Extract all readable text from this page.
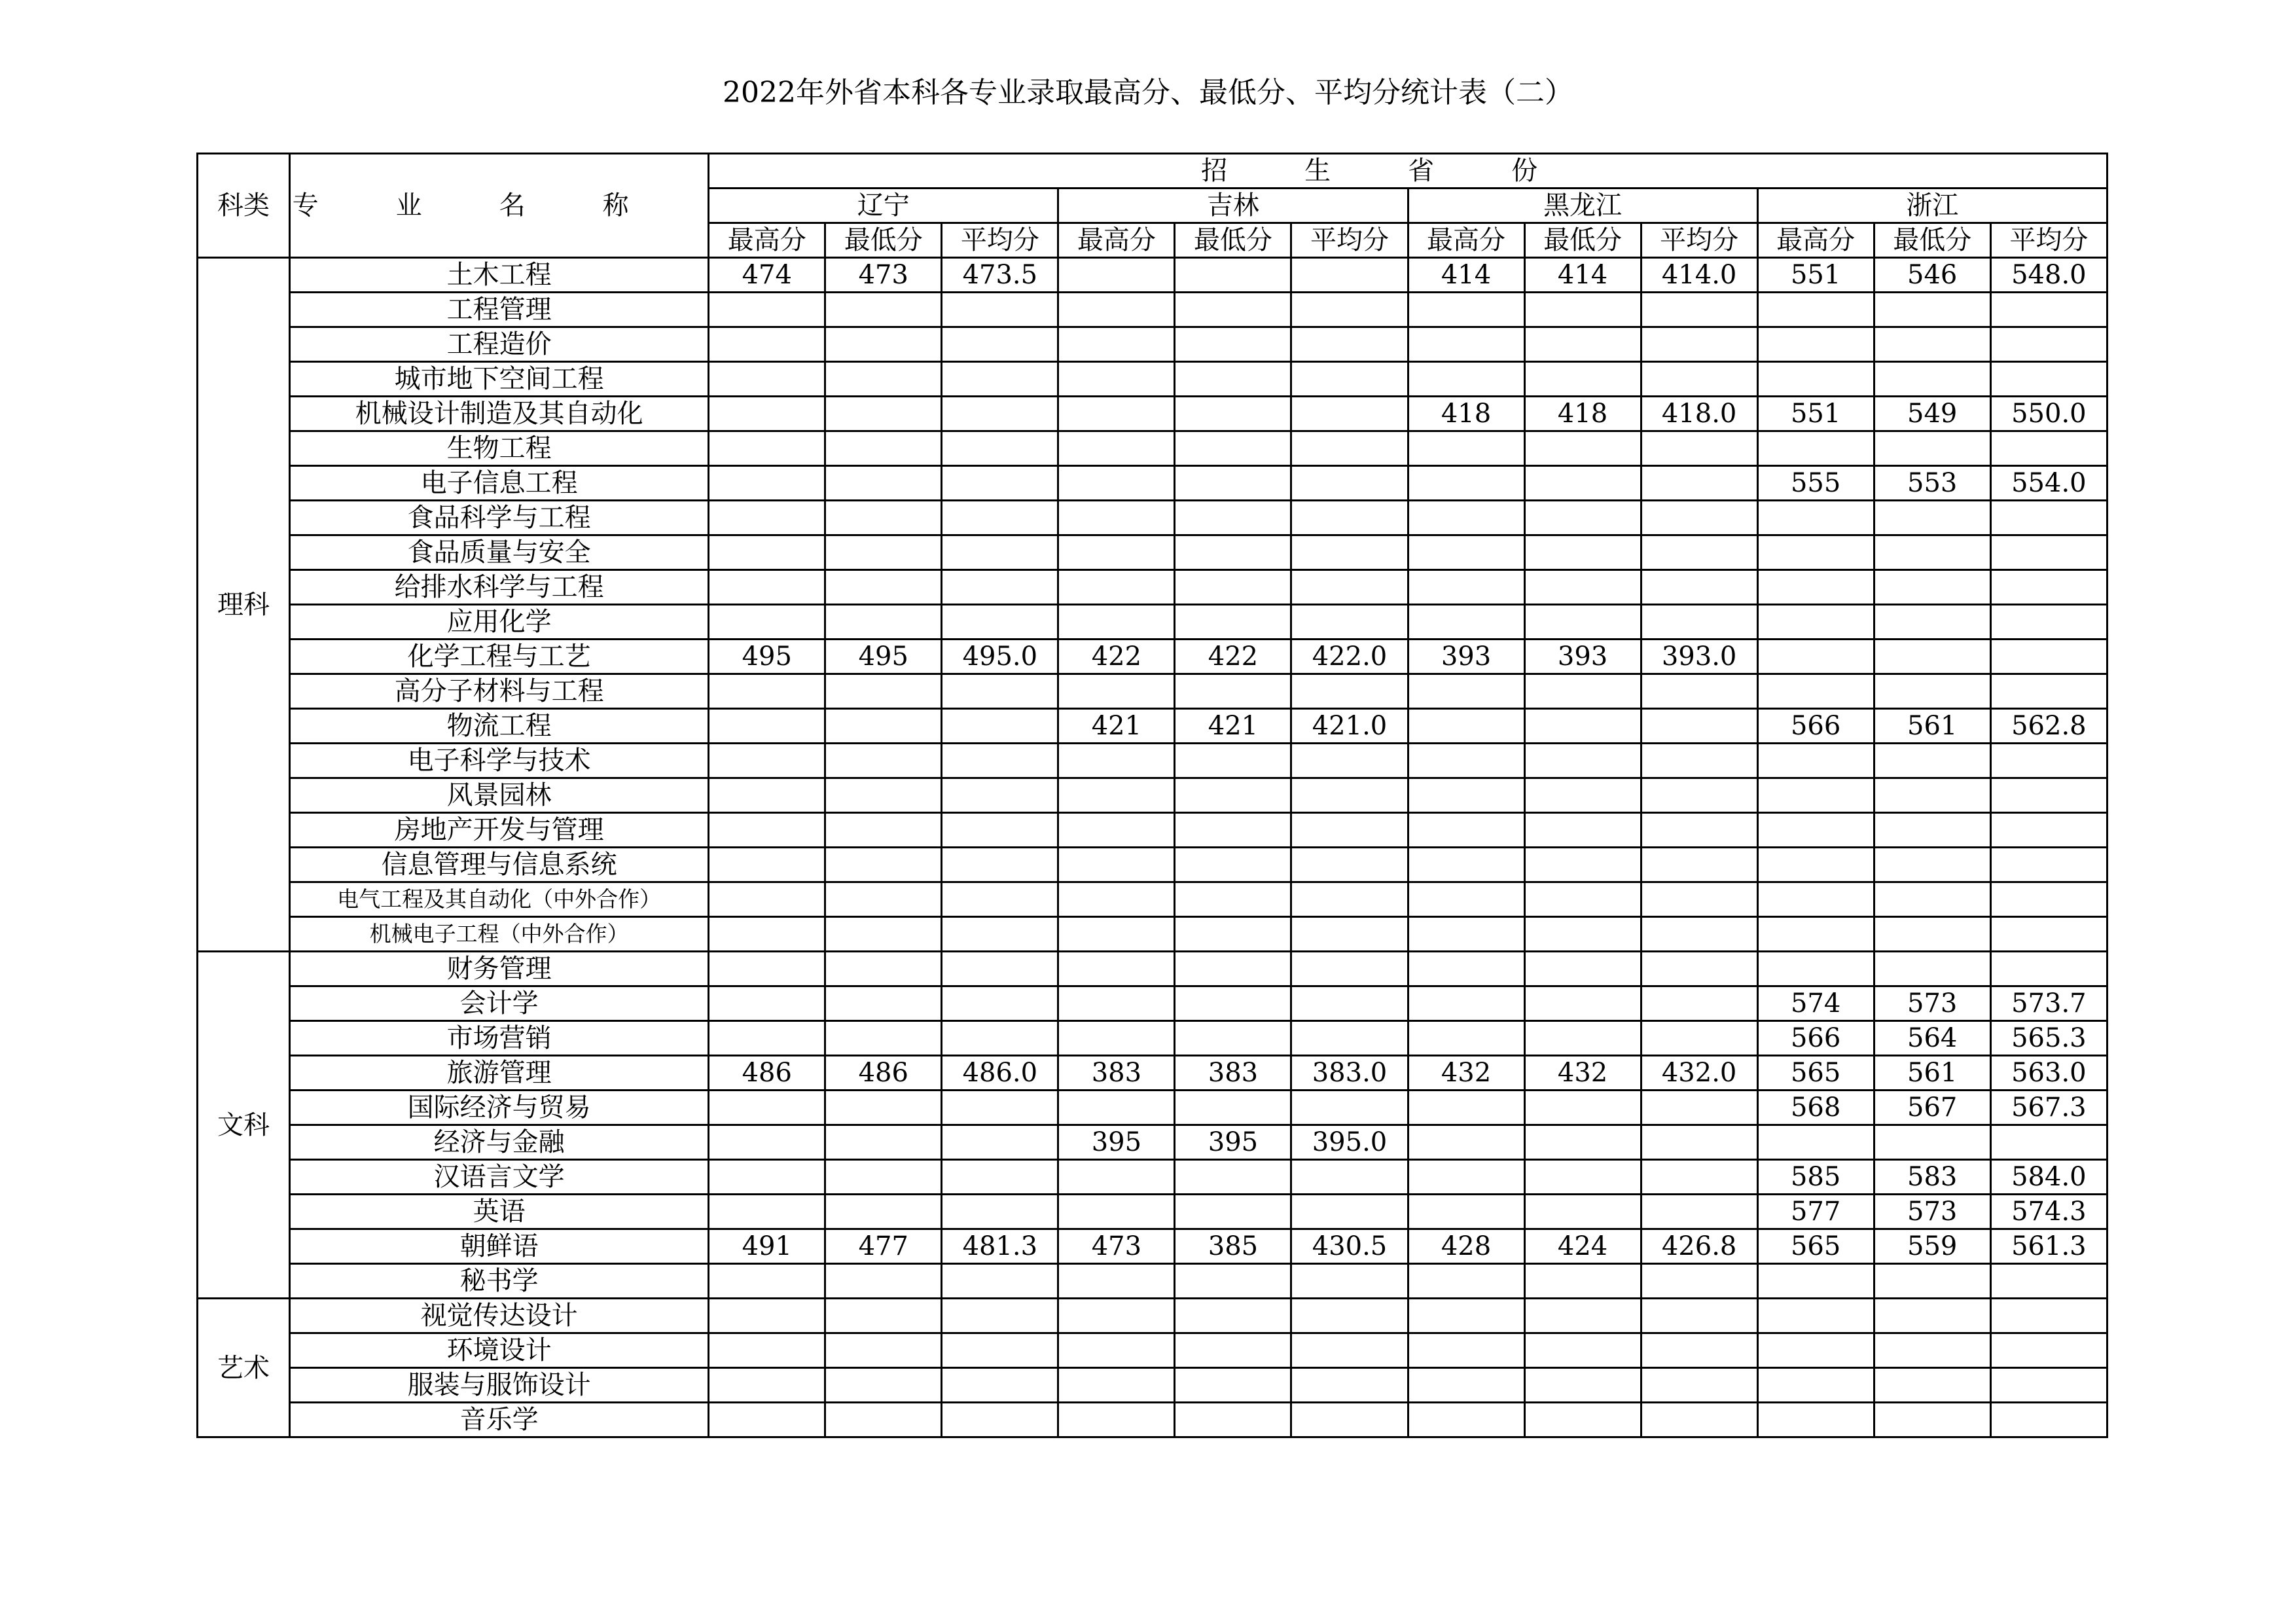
2022年外省本科各专业录取最高分、最低分、平均分统计表（二）
科类	专业名称	招生省份											
		辽宁			吉林			黑龙江			浙江		
		最高分	最低分	平均分	最高分	最低分	平均分	最高分	最低分	平均分	最高分	最低分	平均分
理科	土木工程	474	473	473.5				414	414	414.0	551	546	548.0
	工程管理												
	工程造价												
	城市地下空间工程												
	机械设计制造及其自动化							418	418	418.0	551	549	550.0
	生物工程												
	电子信息工程										555	553	554.0
	食品科学与工程												
	食品质量与安全												
	给排水科学与工程												
	应用化学												
	化学工程与工艺	495	495	495.0	422	422	422.0	393	393	393.0			
	高分子材料与工程												
	物流工程				421	421	421.0				566	561	562.8
	电子科学与技术												
	风景园林												
	房地产开发与管理												
	信息管理与信息系统												
	电气工程及其自动化（中外合作）												
	机械电子工程（中外合作）												
文科	财务管理												
	会计学										574	573	573.7
	市场营销										566	564	565.3
	旅游管理	486	486	486.0	383	383	383.0	432	432	432.0	565	561	563.0
	国际经济与贸易										568	567	567.3
	经济与金融				395	395	395.0						
	汉语言文学										585	583	584.0
	英语										577	573	574.3
	朝鲜语	491	477	481.3	473	385	430.5	428	424	426.8	565	559	561.3
	秘书学												
艺术	视觉传达设计												
	环境设计												
	服装与服饰设计												
	音乐学												
